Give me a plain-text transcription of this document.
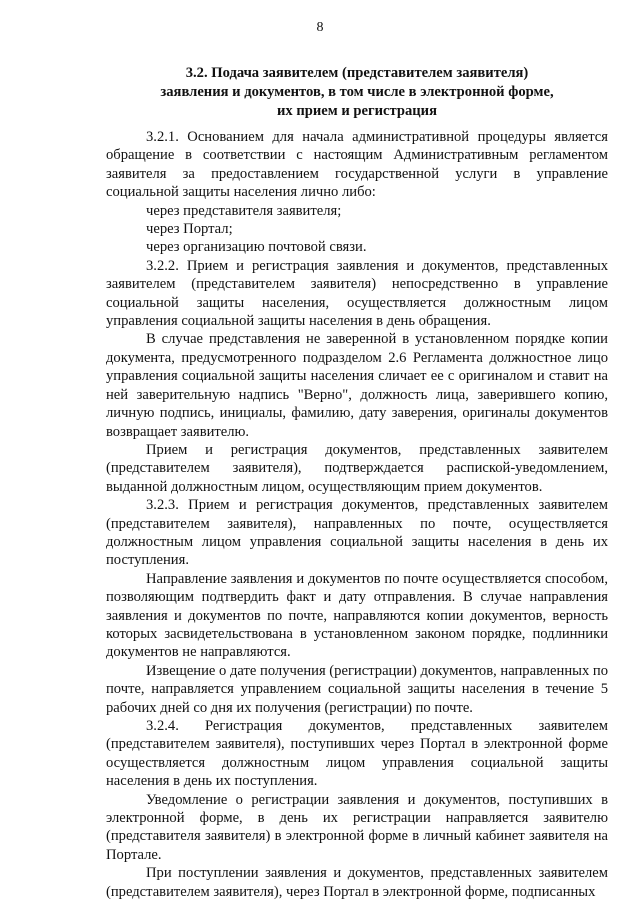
8
3.2. Подача заявителем (представителем заявителя)
заявления и документов, в том числе в электронной форме,
их прием и регистрация

3.2.1. Основанием для начала административной процедуры является обращение в соответствии с настоящим Административным регламентом заявителя за предоставлением государственной услуги в управление социальной защиты населения лично либо:

через представителя заявителя;

через Портал;

через организацию почтовой связи.

3.2.2. Прием и регистрация заявления и документов, представленных заявителем (представителем заявителя) непосредственно в управление социальной защиты населения, осуществляется должностным лицом управления социальной защиты населения в день обращения.

В случае представления не заверенной в установленном порядке копии документа, предусмотренного подразделом 2.6 Регламента должностное лицо управления социальной защиты населения сличает ее с оригиналом и ставит на ней заверительную надпись "Верно", должность лица, заверившего копию, личную подпись, инициалы, фамилию, дату заверения, оригиналы документов возвращает заявителю.

Прием и регистрация документов, представленных заявителем (представителем заявителя), подтверждается распиской-уведомлением, выданной должностным лицом, осуществляющим прием документов.

3.2.3. Прием и регистрация документов, представленных заявителем (представителем заявителя), направленных по почте, осуществляется должностным лицом управления социальной защиты населения в день их поступления.

Направление заявления и документов по почте осуществляется способом, позволяющим подтвердить факт и дату отправления. В случае направления заявления и документов по почте, направляются копии документов, верность которых засвидетельствована в установленном законом порядке, подлинники документов не направляются.

Извещение о дате получения (регистрации) документов, направленных по почте, направляется управлением социальной защиты населения в течение 5 рабочих дней со дня их получения (регистрации) по почте.

3.2.4. Регистрация документов, представленных заявителем (представителем заявителя), поступивших через Портал в электронной форме осуществляется должностным лицом управления социальной защиты населения в день их поступления.

Уведомление о регистрации заявления и документов, поступивших в электронной форме, в день их регистрации направляется заявителю (представителя заявителя) в электронной форме в личный кабинет заявителя на Портале.

При поступлении заявления и документов, представленных заявителем (представителем заявителя), через Портал в электронной форме, подписанных
